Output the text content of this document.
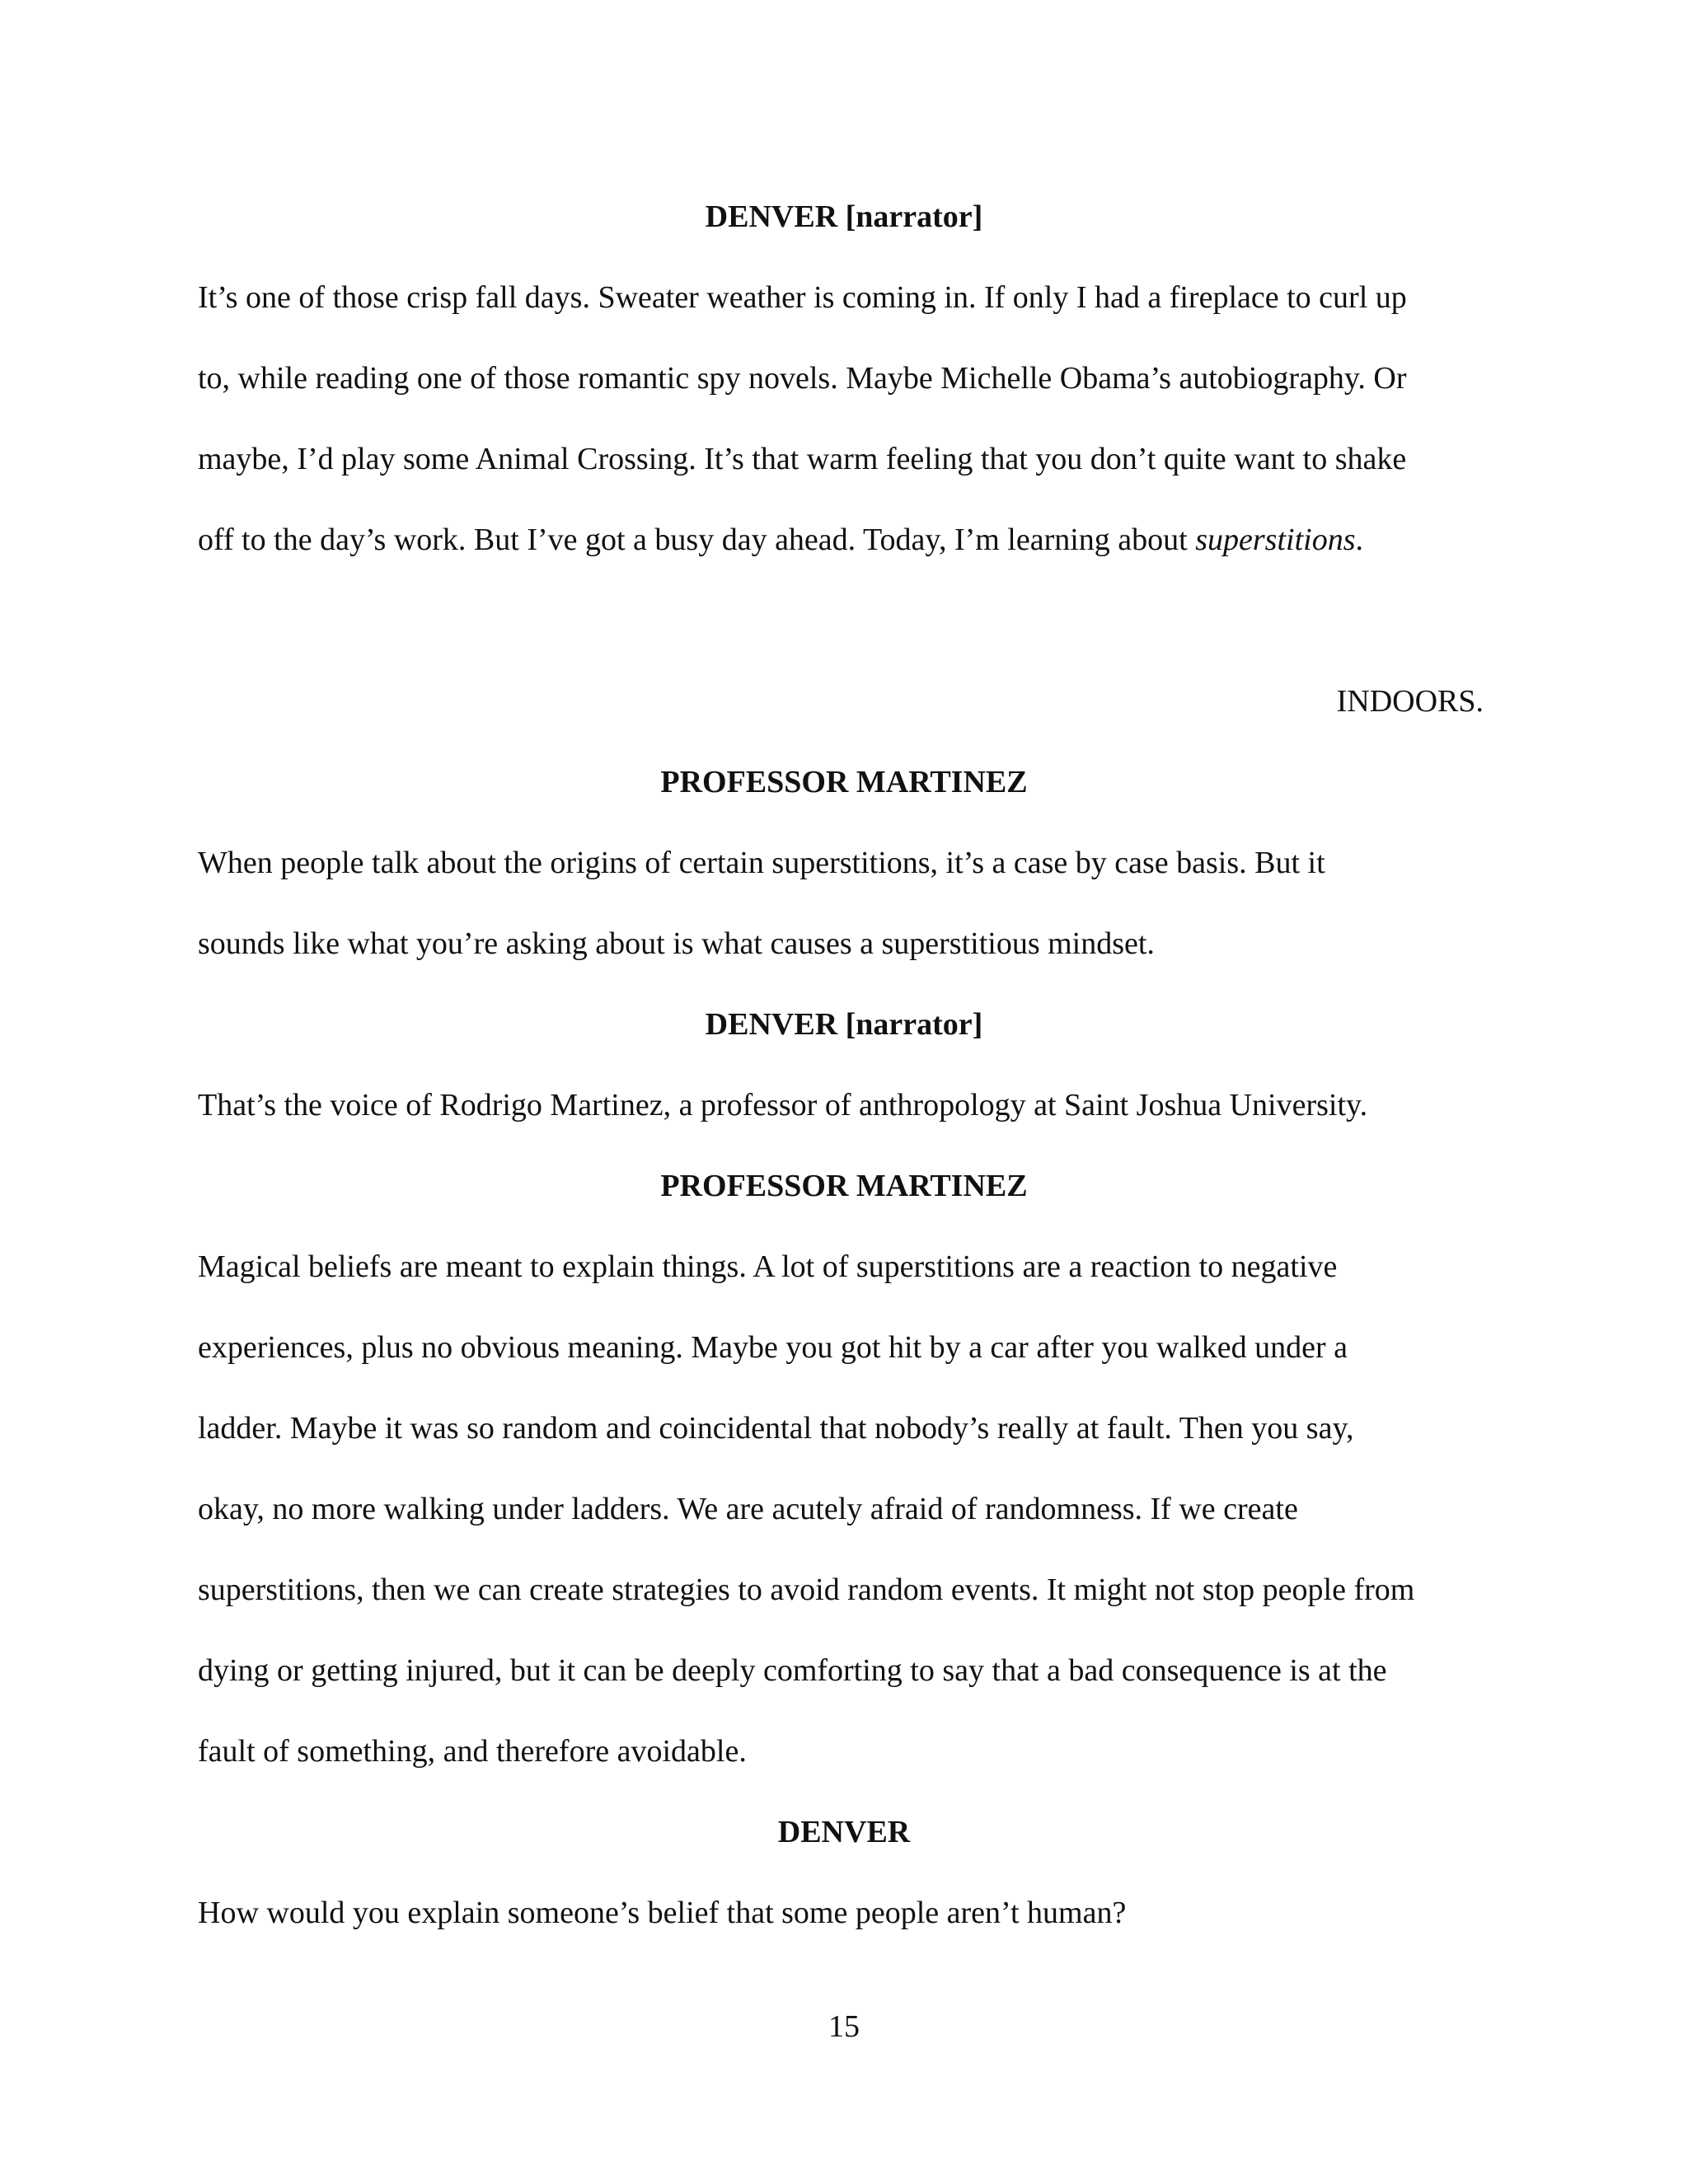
DENVER [narrator]

It’s one of those crisp fall days. Sweater weather is coming in. If only I had a fireplace to curl up

to, while reading one of those romantic spy novels. Maybe Michelle Obama’s autobiography. Or

maybe, I’d play some Animal Crossing. It’s that warm feeling that you don’t quite want to shake

off to the day’s work. But I’ve got a busy day ahead. Today, I’m learning about superstitions.

INDOORS.

PROFESSOR MARTINEZ

When people talk about the origins of certain superstitions, it’s a case by case basis. But it

sounds like what you’re asking about is what causes a superstitious mindset.

DENVER [narrator]

That’s the voice of Rodrigo Martinez, a professor of anthropology at Saint Joshua University.

PROFESSOR MARTINEZ

Magical beliefs are meant to explain things. A lot of superstitions are a reaction to negative

experiences, plus no obvious meaning. Maybe you got hit by a car after you walked under a

ladder. Maybe it was so random and coincidental that nobody’s really at fault. Then you say,

okay, no more walking under ladders. We are acutely afraid of randomness. If we create

superstitions, then we can create strategies to avoid random events. It might not stop people from

dying or getting injured, but it can be deeply comforting to say that a bad consequence is at the

fault of something, and therefore avoidable.

DENVER

How would you explain someone’s belief that some people aren’t human?

15
